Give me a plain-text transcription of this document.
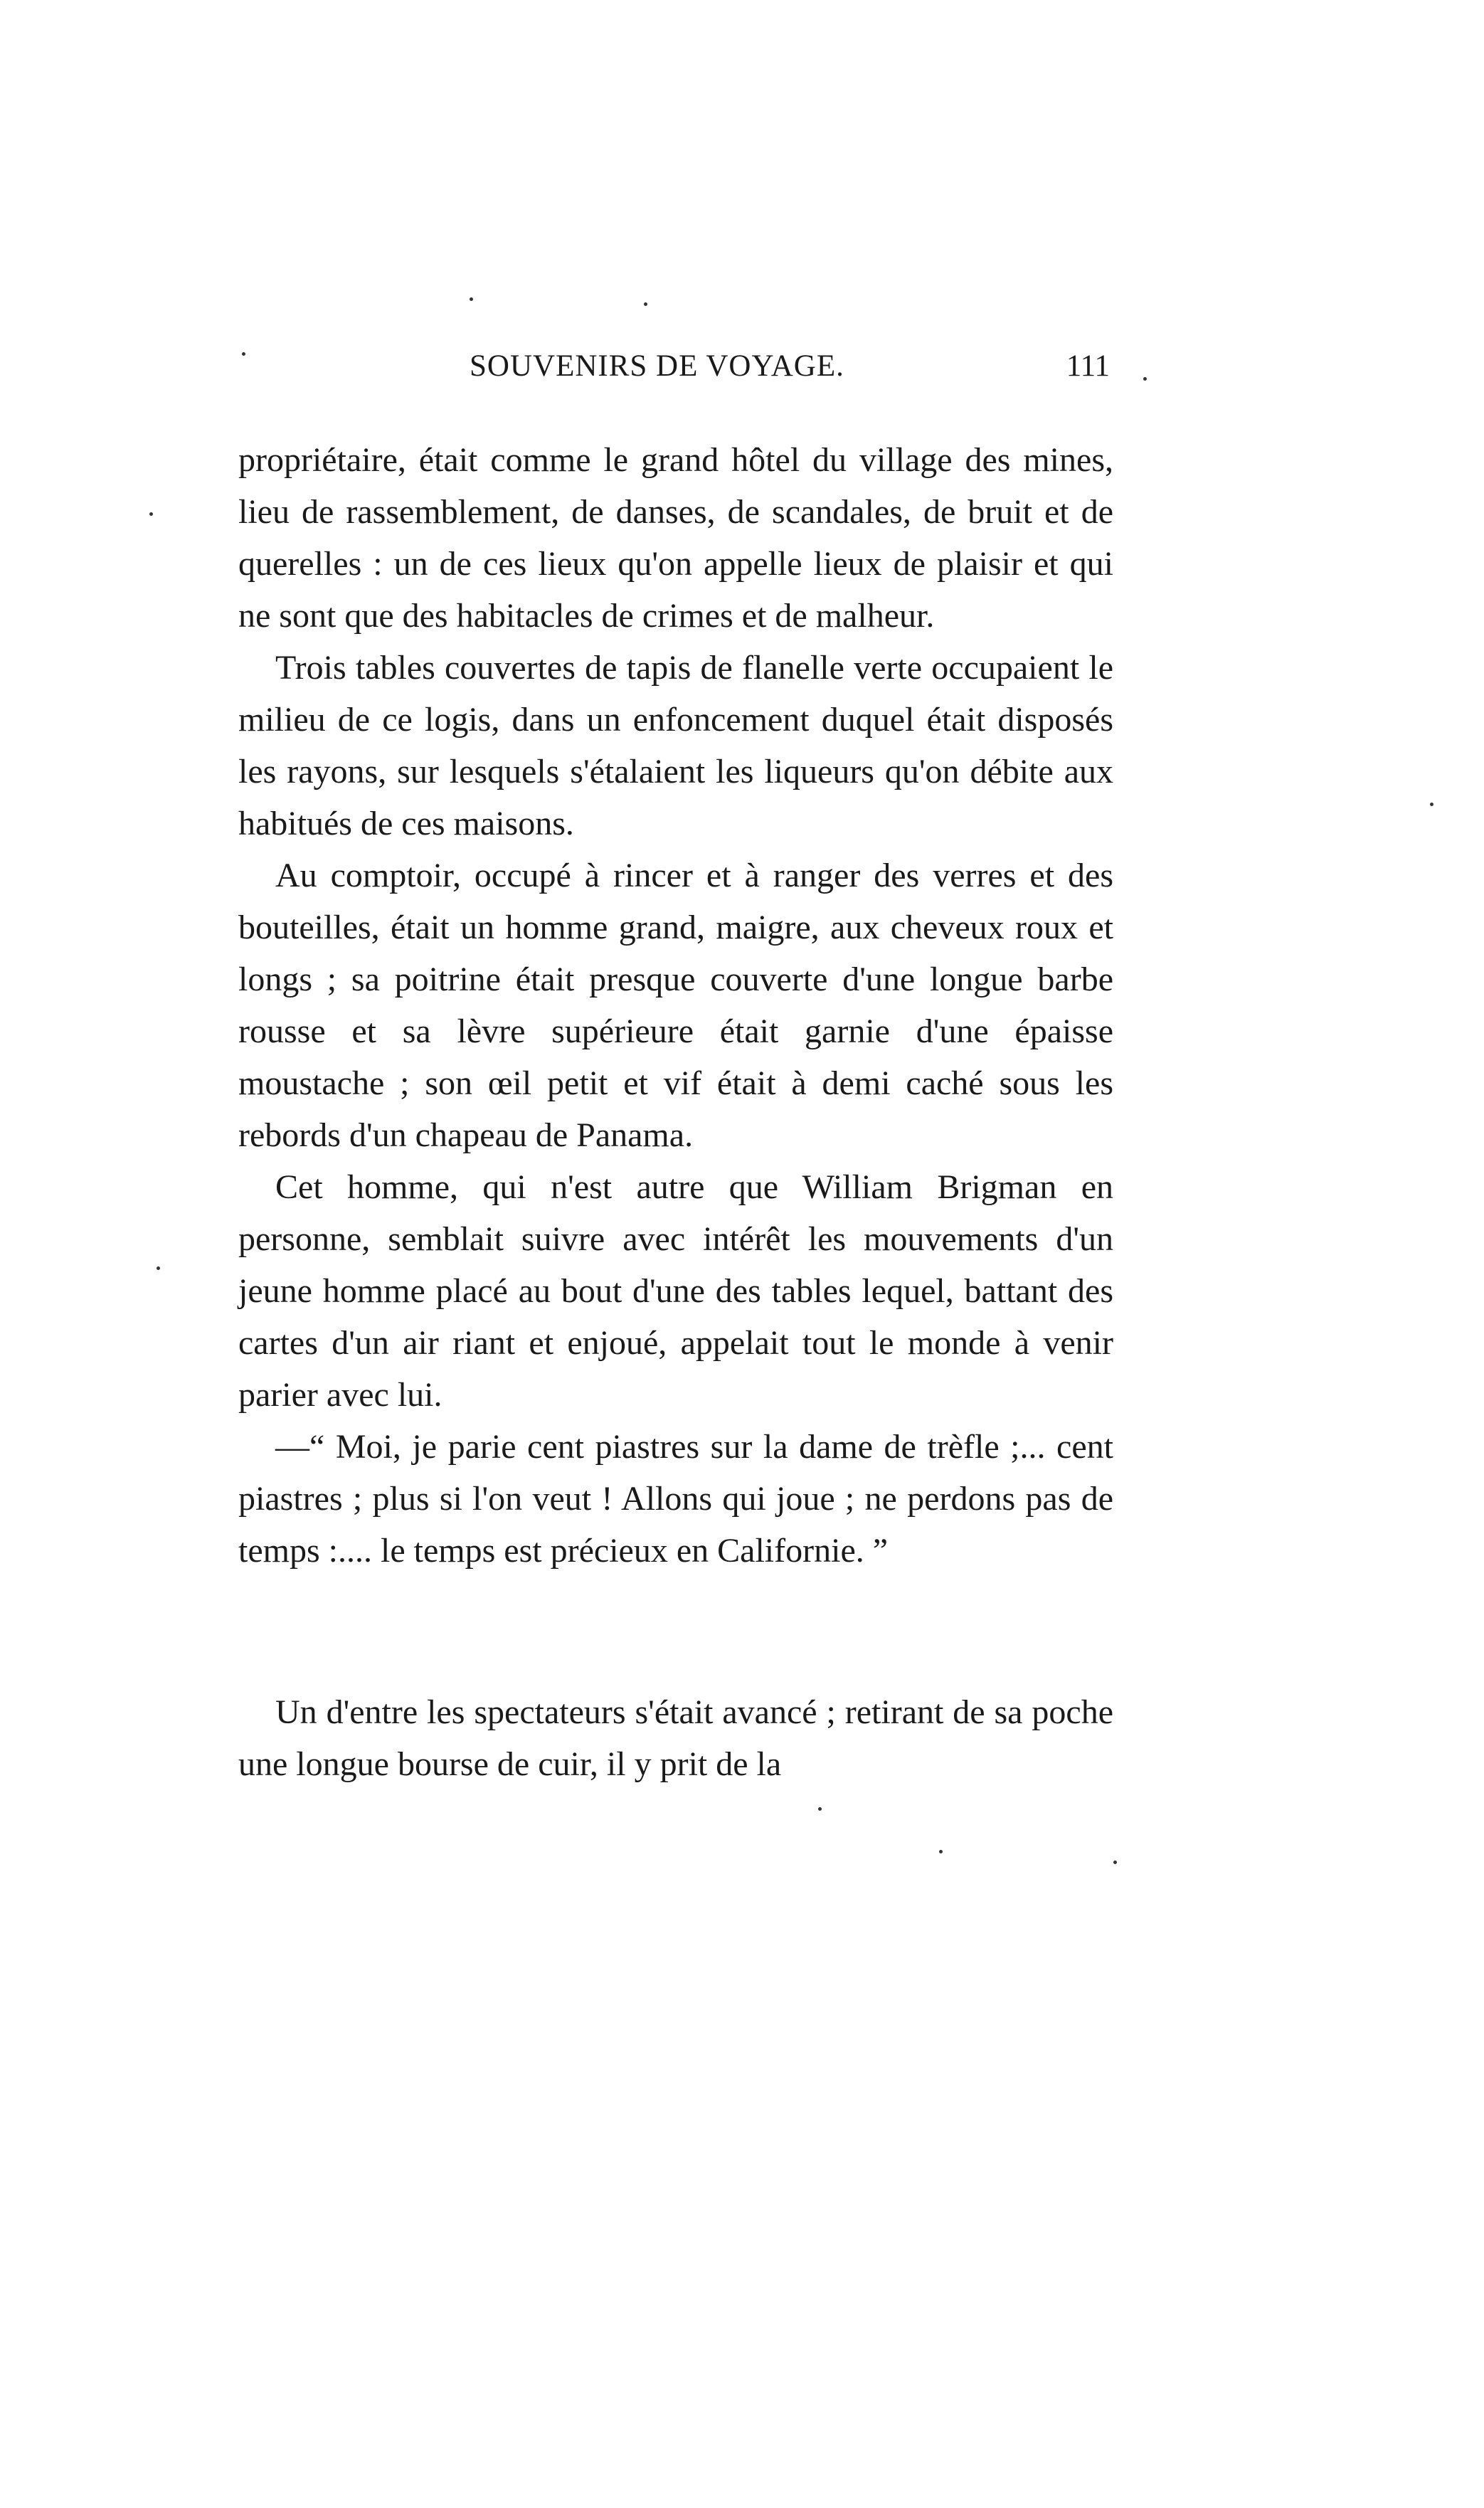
SOUVENIRS DE VOYAGE.	111

propriétaire, était comme le grand hôtel du village des mines, lieu de rassemblement, de danses, de scandales, de bruit et de querelles : un de ces lieux qu'on appelle lieux de plaisir et qui ne sont que des habitacles de crimes et de malheur.

Trois tables couvertes de tapis de flanelle verte occupaient le milieu de ce logis, dans un enfoncement duquel était disposés les rayons, sur lesquels s'étalaient les liqueurs qu'on débite aux habitués de ces maisons.

Au comptoir, occupé à rincer et à ranger des verres et des bouteilles, était un homme grand, maigre, aux cheveux roux et longs ; sa poitrine était presque couverte d'une longue barbe rousse et sa lèvre supérieure était garnie d'une épaisse moustache ; son œil petit et vif était à demi caché sous les rebords d'un chapeau de Panama.

Cet homme, qui n'est autre que William Brigman en personne, semblait suivre avec intérêt les mouvements d'un jeune homme placé au bout d'une des tables lequel, battant des cartes d'un air riant et enjoué, appelait tout le monde à venir parier avec lui.

—“ Moi, je parie cent piastres sur la dame de trèfle ;... cent piastres ; plus si l'on veut ! Allons qui joue ; ne perdons pas de temps :.... le temps est précieux en Californie. ”

Un d'entre les spectateurs s'était avancé ; retirant de sa poche une longue bourse de cuir, il y prit de la
